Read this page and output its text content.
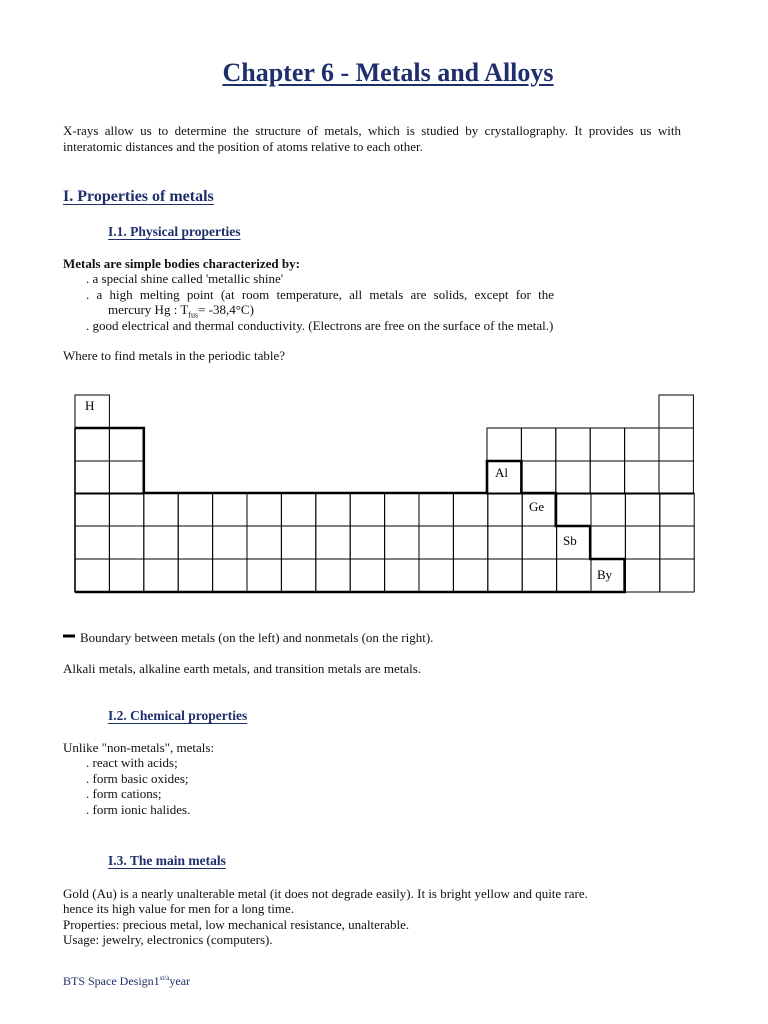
Chapter 6 - Metals and Alloys
X-rays allow us to determine the structure of metals, which is studied by crystallography. It provides us with
interatomic distances and the position of atoms relative to each other.
I. Properties of metals
I.1. Physical properties
Metals are simple bodies characterized by:
. a special shine called 'metallic shine'
. a high melting point (at room temperature, all metals are solids, except for the
mercury Hg : $T_{fus}= -38,4^\circ C$)
. good electrical and thermal conductivity. (Electrons are free on the surface of the metal.)
Where to find metals in the periodic table?
H
Al
Ge
Sb
By
Boundary between metals (on the left) and nonmetals (on the right).
Alkali metals, alkaline earth metals, and transition metals are metals.
I.2. Chemical properties
Unlike "non-metals", metals:
. react with acids;
. form basic oxides;
. form cations;
. form ionic halides.
I.3. The main metals
Gold (Au) is a nearly unalterable metal (it does not degrade easily). It is bright yellow and quite rare.
hence its high value for men for a long time.
Properties: precious metal, low mechanical resistance, unalterable.
Usage: jewelry, electronics (computers).
BTS Space $Design1^{st/a}year$
